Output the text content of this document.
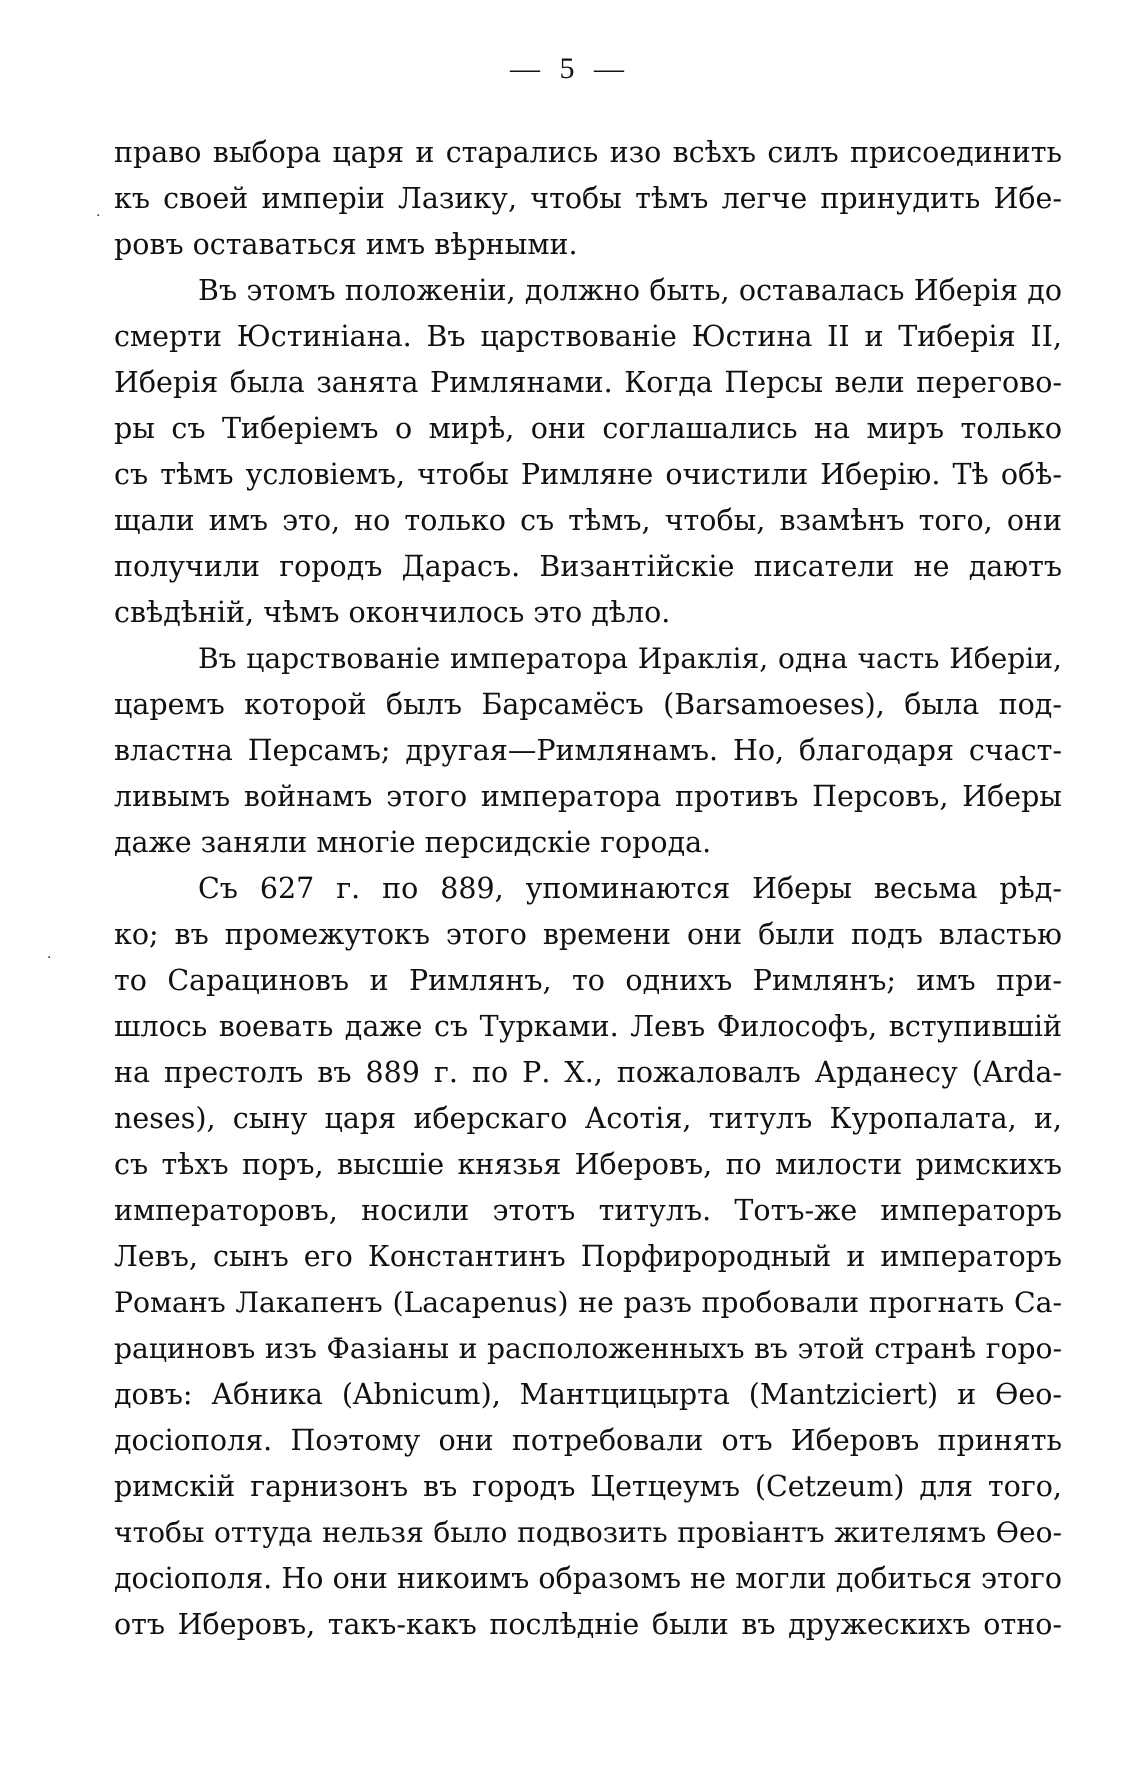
— 5 —
право выбора царя и старались изо всѣхъ силъ присоединить
къ своей имперіи Лазику, чтобы тѣмъ легче принудить Ибе-
ровъ оставаться имъ вѣрными.
Въ этомъ положеніи, должно быть, оставалась Иберія до
смерти Юстиніана. Въ царствованіе Юстина II и Тиберія II,
Иберія была занята Римлянами. Когда Персы вели перегово-
ры съ Тиберіемъ о мирѣ, они соглашались на миръ только
съ тѣмъ условіемъ, чтобы Римляне очистили Иберію. Тѣ обѣ-
щали имъ это, но только съ тѣмъ, чтобы, взамѣнъ того, они
получили городъ Дарасъ. Византійскіе писатели не даютъ
свѣдѣній, чѣмъ окончилось это дѣло.
Въ царствованіе императора Ираклія, одна часть Иберіи,
царемъ которой былъ Барсамёсъ (Barsamoeses), была под-
властна Персамъ; другая—Римлянамъ. Но, благодаря счаст-
ливымъ войнамъ этого императора противъ Персовъ, Иберы
даже заняли многіе персидскіе города.
Съ 627 г. по 889, упоминаются Иберы весьма рѣд-
ко; въ промежутокъ этого времени они были подъ властью
то Сарациновъ и Римлянъ, то однихъ Римлянъ; имъ при-
шлось воевать даже съ Турками. Левъ Философъ, вступившій
на престолъ въ 889 г. по Р. Х., пожаловалъ Арданесу (Arda-
neses), сыну царя иберскаго Асотія, титулъ Куропалата, и,
съ тѣхъ поръ, высшіе князья Иберовъ, по милости римскихъ
императоровъ, носили этотъ титулъ. Тотъ-же императоръ
Левъ, сынъ его Константинъ Порфирородный и императоръ
Романъ Лакапенъ (Lacapenus) не разъ пробовали прогнать Са-
рациновъ изъ Фазіаны и расположенныхъ въ этой странѣ горо-
довъ: Абника (Abnicum), Мантцицырта (Mantziciert) и Ѳео-
досіополя. Поэтому они потребовали отъ Иберовъ принять
римскій гарнизонъ въ городъ Цетцеумъ (Cetzeum) для того,
чтобы оттуда нельзя было подвозить провіантъ жителямъ Ѳео-
досіополя. Но они никоимъ образомъ не могли добиться этого
отъ Иберовъ, такъ-какъ послѣдніе были въ дружескихъ отно-
·
·
